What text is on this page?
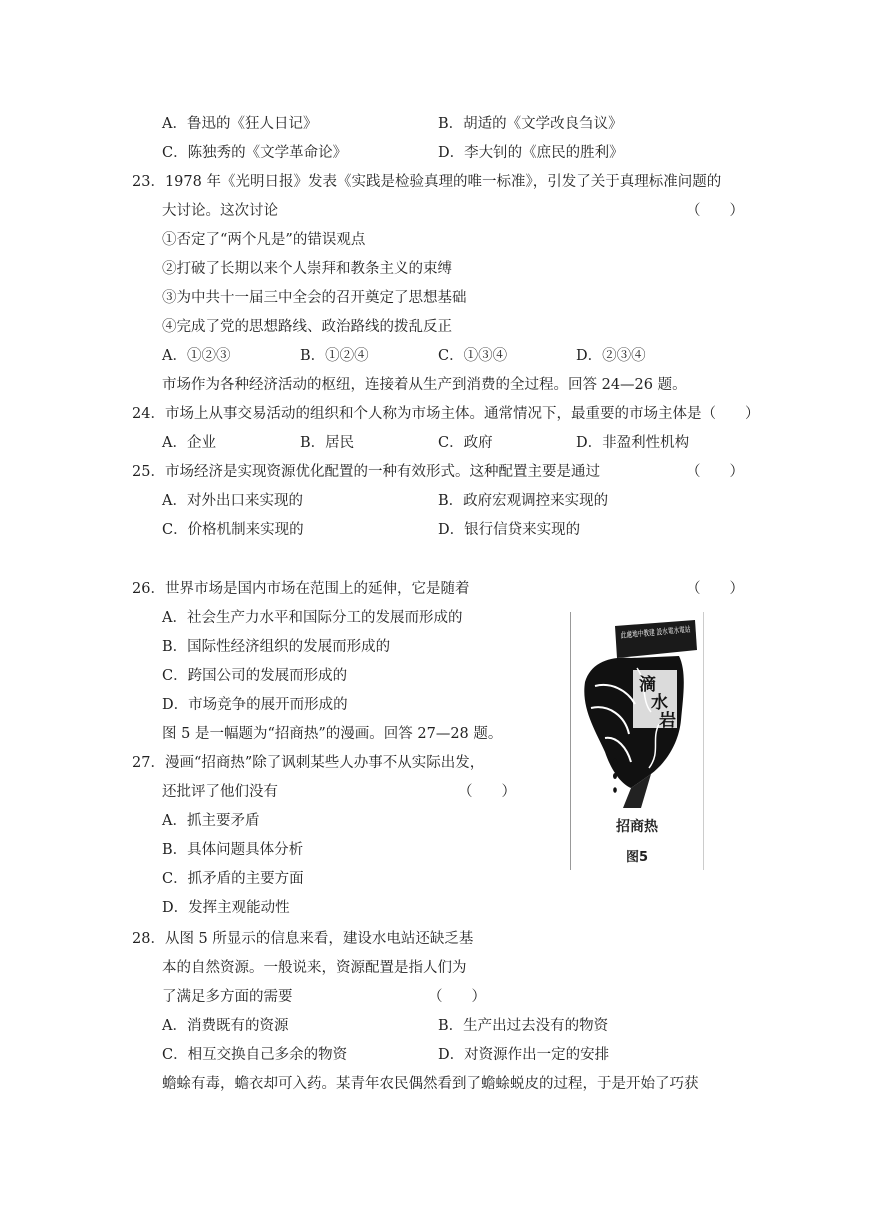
A．鲁迅的《狂人日记》	B．胡适的《文学改良刍议》
C．陈独秀的《文学革命论》	D．李大钊的《庶民的胜利》
23．1978 年《光明日报》发表《实践是检验真理的唯一标准》，引发了关于真理标准问题的
大讨论。这次讨论	（　　）
①否定了“两个凡是”的错误观点
②打破了长期以来个人崇拜和教条主义的束缚
③为中共十一届三中全会的召开奠定了思想基础
④完成了党的思想路线、政治路线的拨乱反正
A．①②③	B．①②④	C．①③④	D．②③④
市场作为各种经济活动的枢纽，连接着从生产到消费的全过程。回答 24—26 题。
24．市场上从事交易活动的组织和个人称为市场主体。通常情况下，最重要的市场主体是（　　）
A．企业	B．居民	C．政府	D．非盈利性机构
25．市场经济是实现资源优化配置的一种有效形式。这种配置主要是通过	（　　）
A．对外出口来实现的	B．政府宏观调控来实现的
C．价格机制来实现的	D．银行信贷来实现的
26．世界市场是国内市场在范围上的延伸，它是随着	（　　）
A．社会生产力水平和国际分工的发展而形成的
B．国际性经济组织的发展而形成的
C．跨国公司的发展而形成的
D．市场竞争的展开而形成的
图 5 是一幅题为“招商热”的漫画。回答 27—28 题。
27．漫画“招商热”除了讽刺某些人办事不从实际出发，
还批评了他们没有	（　　）
A．抓主要矛盾
B．具体问题具体分析
C．抓矛盾的主要方面
D．发挥主观能动性
28．从图 5 所显示的信息来看，建设水电站还缺乏基
本的自然资源。一般说来，资源配置是指人们为
了满足多方面的需要	（　　）
A．消费既有的资源	B．生产出过去没有的物资
C．相互交换自己多余的物资	D．对资源作出一定的安排
蟾蜍有毒，蟾衣却可入药。某青年农民偶然看到了蟾蜍蜕皮的过程，于是开始了巧获
此處地中教建 設水電水電站
滴 水 岩
招商热
图5
